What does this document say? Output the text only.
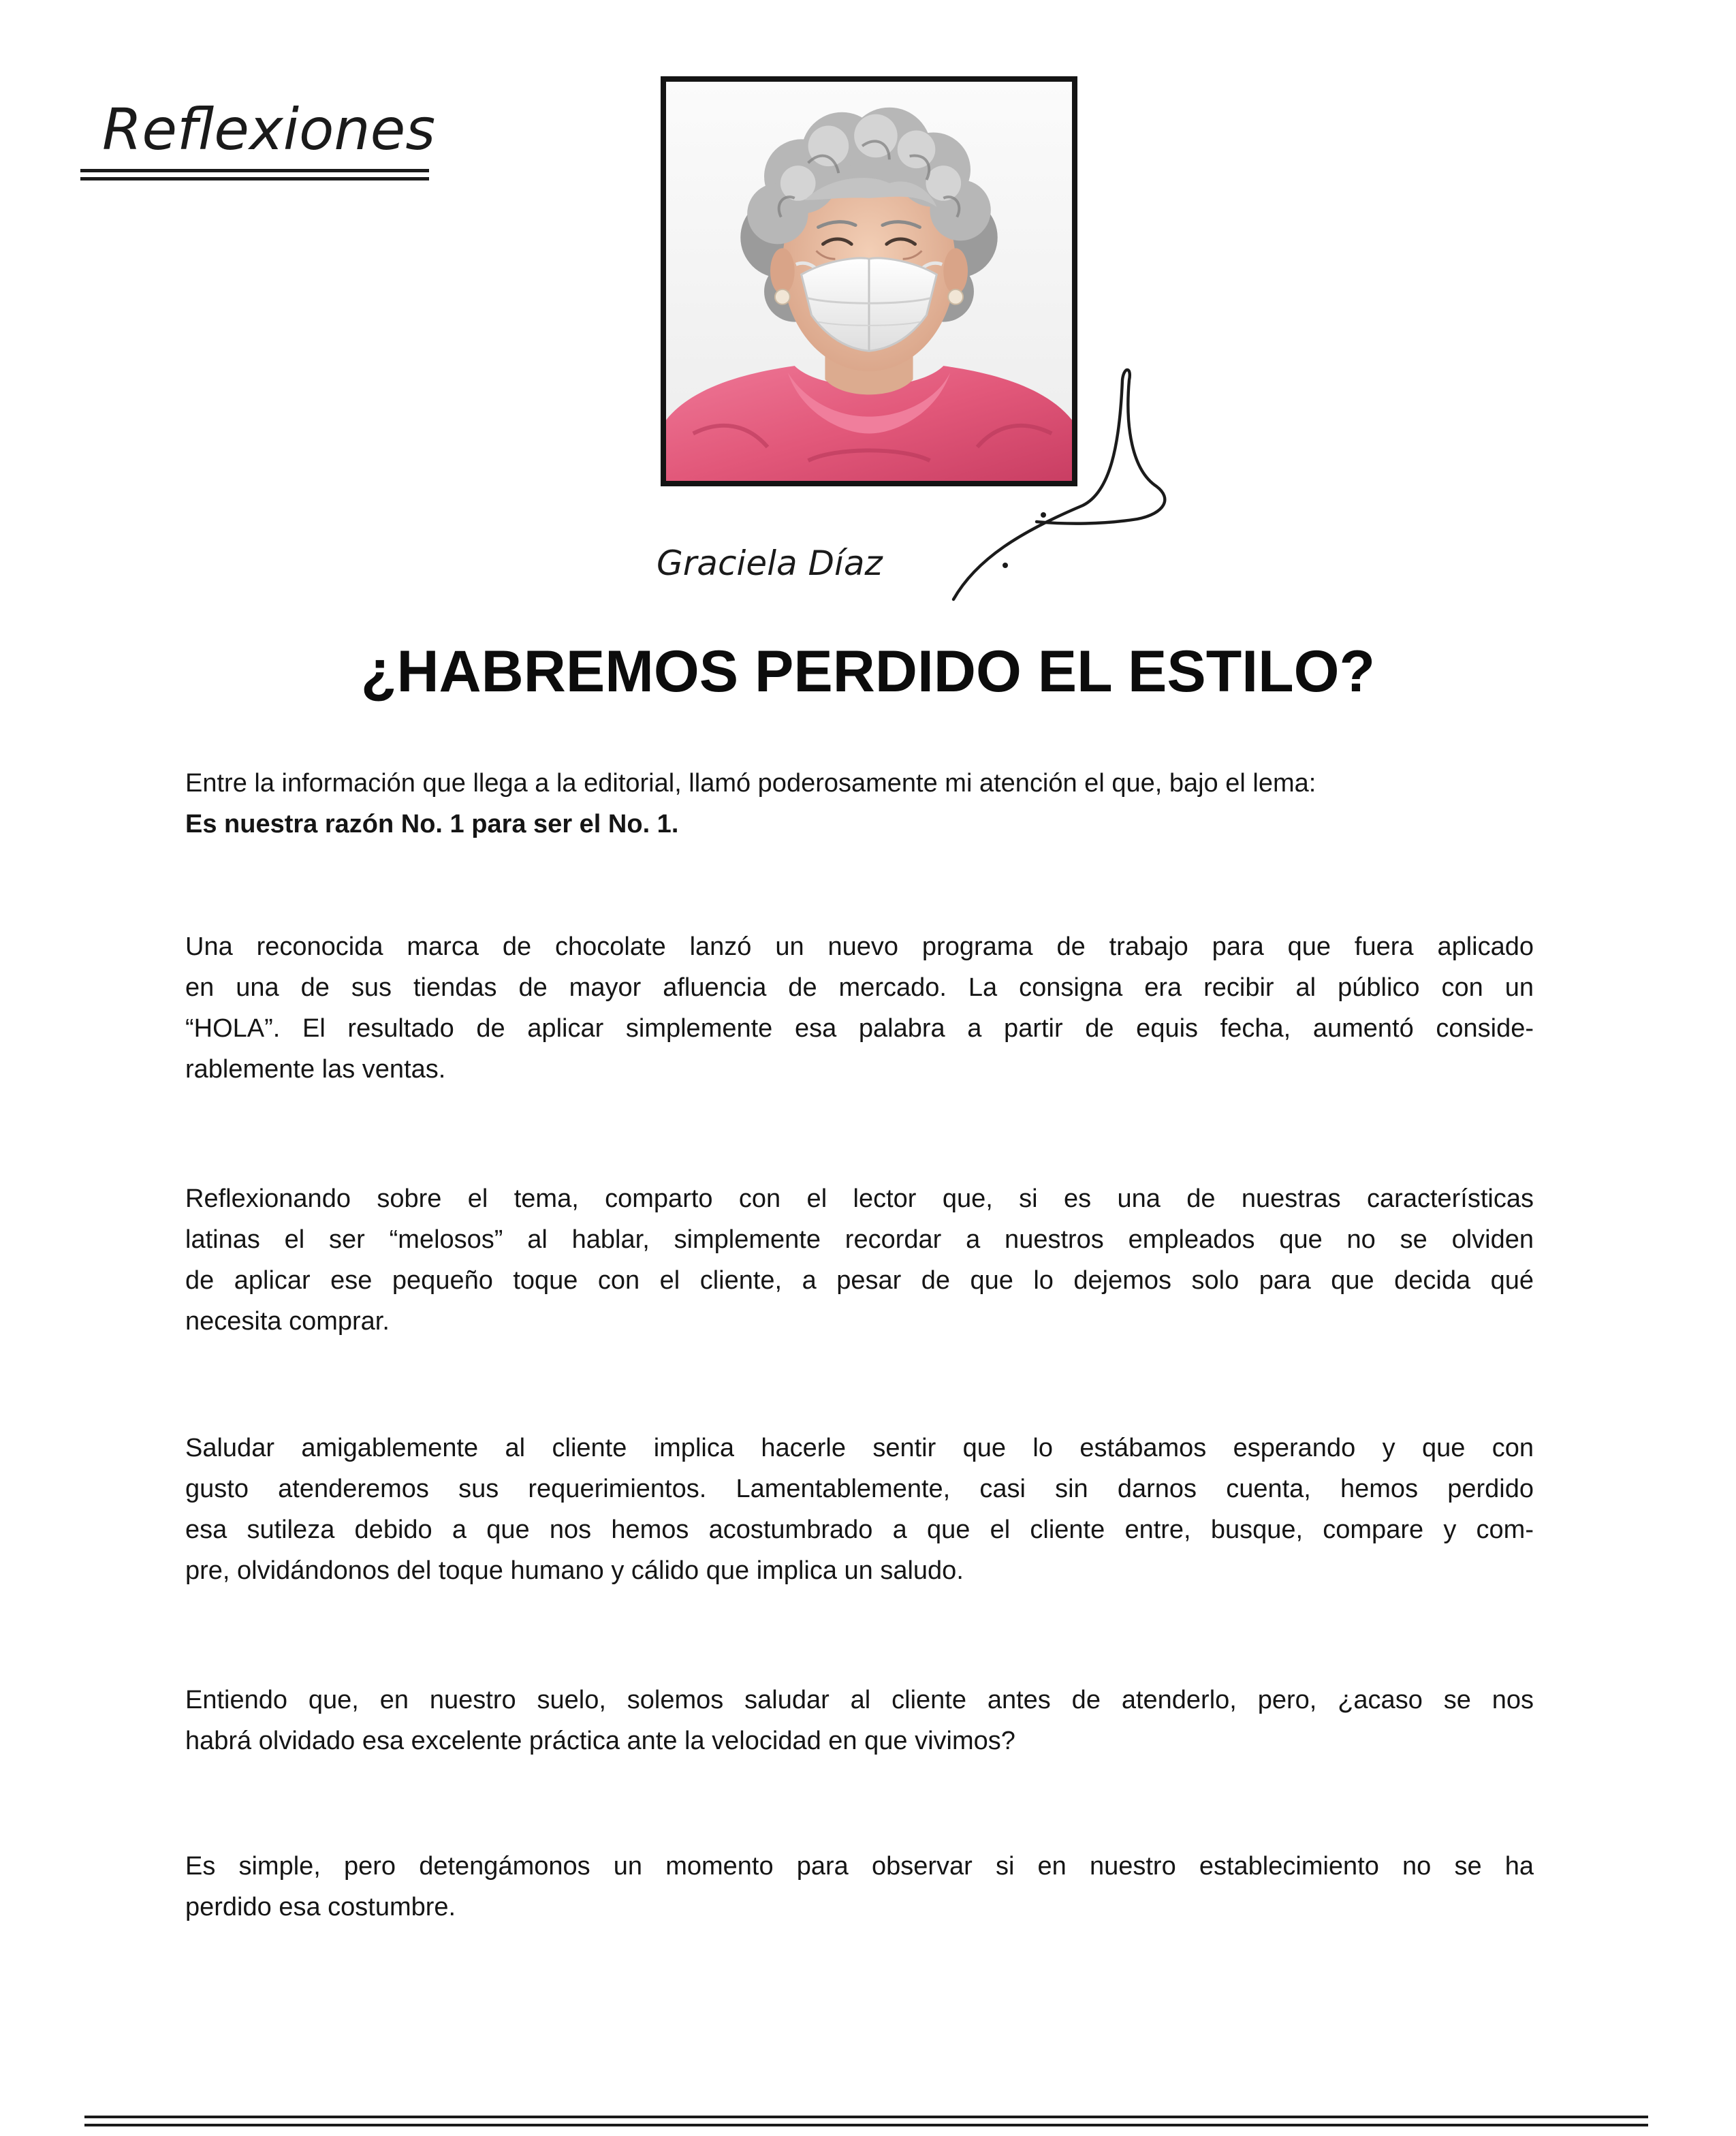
Reflexiones
Graciela Díaz
¿HABREMOS PERDIDO EL ESTILO?
Entre la información que llega a la editorial, llamó poderosamente mi atención el que, bajo el lema:
Es nuestra razón No. 1 para ser el No. 1.
Una reconocida marca de chocolate lanzó un nuevo programa de trabajo para que fuera aplicado
en una de sus tiendas de mayor afluencia de mercado. La consigna era recibir al público con un
“HOLA”. El resultado de aplicar simplemente esa palabra a partir de equis fecha, aumentó conside-
rablemente las ventas.
Reflexionando sobre el tema, comparto con el lector que, si es una de nuestras características
latinas el ser “melosos” al hablar, simplemente recordar a nuestros empleados que no se olviden
de aplicar ese pequeño toque con el cliente, a pesar de que lo dejemos solo para que decida qué
necesita comprar.
Saludar amigablemente al cliente implica hacerle sentir que lo estábamos esperando y que con
gusto atenderemos sus requerimientos. Lamentablemente, casi sin darnos cuenta, hemos perdido
esa sutileza debido a que nos hemos acostumbrado a que el cliente entre, busque, compare y com-
pre, olvidándonos del toque humano y cálido que implica un saludo.
Entiendo que, en nuestro suelo, solemos saludar al cliente antes de atenderlo, pero, ¿acaso se nos
habrá olvidado esa excelente práctica ante la velocidad en que vivimos?
Es simple, pero detengámonos un momento para observar si en nuestro establecimiento no se ha
perdido esa costumbre.
